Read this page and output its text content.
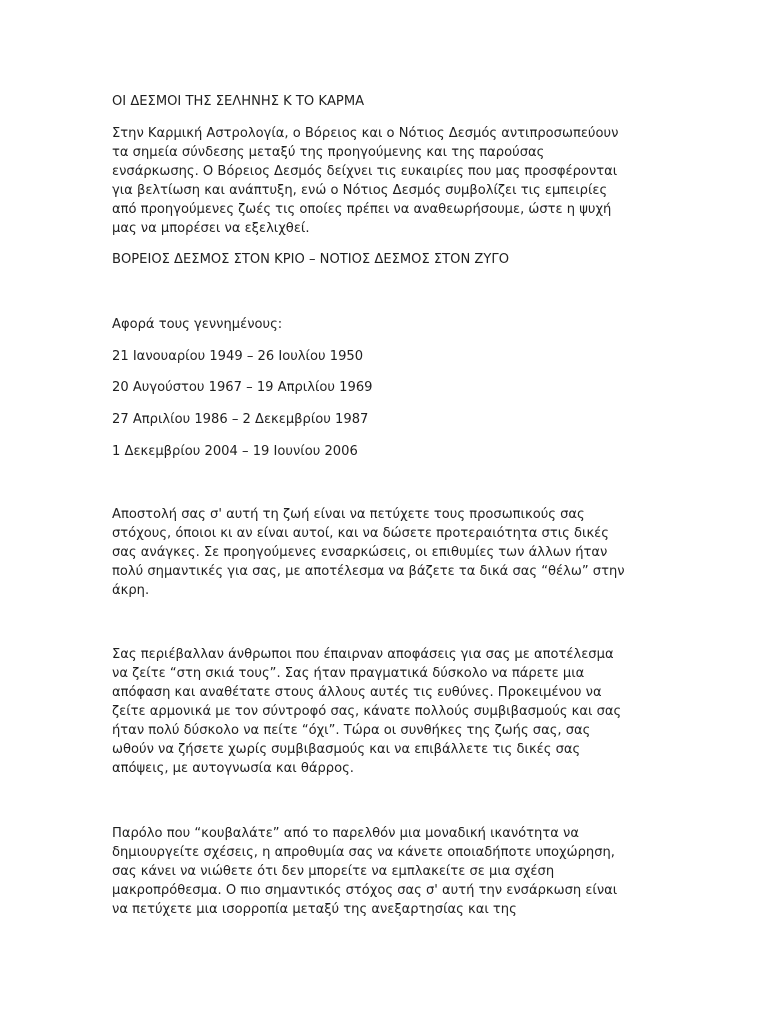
ΟΙ ΔΕΣΜΟΙ ΤΗΣ ΣΕΛΗΝΗΣ Κ ΤΟ ΚΑΡΜΑ

Στην Καρμική Αστρολογία, ο Βόρειος και ο Νότιος Δεσμός αντιπροσωπεύουν
τα σημεία σύνδεσης μεταξύ της προηγούμενης και της παρούσας
ενσάρκωσης. Ο Βόρειος Δεσμός δείχνει τις ευκαιρίες που μας προσφέρονται
για βελτίωση και ανάπτυξη, ενώ ο Νότιος Δεσμός συμβολίζει τις εμπειρίες
από προηγούμενες ζωές τις οποίες πρέπει να αναθεωρήσουμε, ώστε η ψυχή
μας να μπορέσει να εξελιχθεί.

ΒΟΡΕΙΟΣ ΔΕΣΜΟΣ ΣΤΟΝ ΚΡΙΟ – ΝΟΤΙΟΣ ΔΕΣΜΟΣ ΣΤΟΝ ΖΥΓΟ

Αφορά τους γεννημένους:

21 Ιανουαρίου 1949 – 26 Ιουλίου 1950

20 Αυγούστου 1967 – 19 Απριλίου 1969

27 Απριλίου 1986 – 2 Δεκεμβρίου 1987

1 Δεκεμβρίου 2004 – 19 Ιουνίου 2006

Αποστολή σας σ' αυτή τη ζωή είναι να πετύχετε τους προσωπικούς σας
στόχους, όποιοι κι αν είναι αυτοί, και να δώσετε προτεραιότητα στις δικές
σας ανάγκες. Σε προηγούμενες ενσαρκώσεις, οι επιθυμίες των άλλων ήταν
πολύ σημαντικές για σας, με αποτέλεσμα να βάζετε τα δικά σας “θέλω” στην
άκρη.
Σας περιέβαλλαν άνθρωποι που έπαιρναν αποφάσεις για σας με αποτέλεσμα
να ζείτε “στη σκιά τους”. Σας ήταν πραγματικά δύσκολο να πάρετε μια
απόφαση και αναθέτατε στους άλλους αυτές τις ευθύνες. Προκειμένου να
ζείτε αρμονικά με τον σύντροφό σας, κάνατε πολλούς συμβιβασμούς και σας
ήταν πολύ δύσκολο να πείτε “όχι”. Τώρα οι συνθήκες της ζωής σας, σας
ωθούν να ζήσετε χωρίς συμβιβασμούς και να επιβάλλετε τις δικές σας
απόψεις, με αυτογνωσία και θάρρος.
Παρόλο που “κουβαλάτε” από το παρελθόν μια μοναδική ικανότητα να
δημιουργείτε σχέσεις, η απροθυμία σας να κάνετε οποιαδήποτε υποχώρηση,
σας κάνει να νιώθετε ότι δεν μπορείτε να εμπλακείτε σε μια σχέση
μακροπρόθεσμα. Ο πιο σημαντικός στόχος σας σ' αυτή την ενσάρκωση είναι
να πετύχετε μια ισορροπία μεταξύ της ανεξαρτησίας και της
